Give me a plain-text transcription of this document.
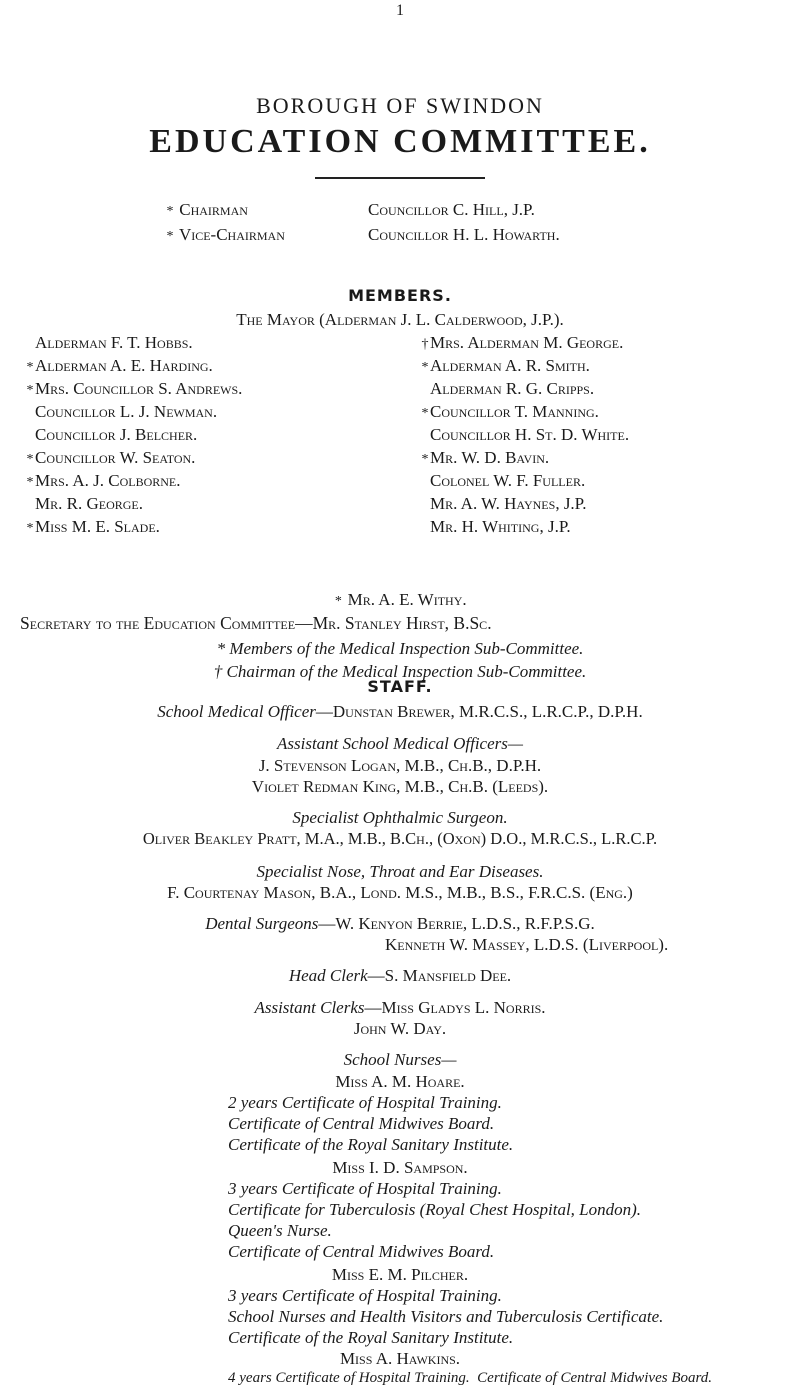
1
BOROUGH OF SWINDON
EDUCATION COMMITTEE.
* Chairman	Councillor C. Hill, J.P.
* Vice-Chairman	Councillor H. L. Howarth.
MEMBERS.
The Mayor (Alderman J. L. Calderwood, J.P.).
Alderman F. T. Hobbs.
*Alderman A. E. Harding.
*Mrs. Councillor S. Andrews.
Councillor L. J. Newman.
Councillor J. Belcher.
*Councillor W. Seaton.
*Mrs. A. J. Colborne.
Mr. R. George.
*Miss M. E. Slade.
†Mrs. Alderman M. George.
*Alderman A. R. Smith.
Alderman R. G. Cripps.
*Councillor T. Manning.
Councillor H. St. D. White.
*Mr. W. D. Bavin.
Colonel W. F. Fuller.
Mr. A. W. Haynes, J.P.
Mr. H. Whiting, J.P.
* Mr. A. E. Withy.
Secretary to the Education Committee—Mr. Stanley Hirst, B.Sc.
* Members of the Medical Inspection Sub-Committee.
† Chairman of the Medical Inspection Sub-Committee.
STAFF.
School Medical Officer—Dunstan Brewer, M.R.C.S., L.R.C.P., D.P.H.
Assistant School Medical Officers—
J. Stevenson Logan, M.B., Ch.B., D.P.H.
Violet Redman King, M.B., Ch.B. (Leeds).
Specialist Ophthalmic Surgeon.
Oliver Beakley Pratt, M.A., M.B., B.Ch., (Oxon) D.O., M.R.C.S., L.R.C.P.
Specialist Nose, Throat and Ear Diseases.
F. Courtenay Mason, B.A., Lond. M.S., M.B., B.S., F.R.C.S. (Eng.)
Dental Surgeons—W. Kenyon Berrie, L.D.S., R.F.P.S.G.
Kenneth W. Massey, L.D.S. (Liverpool).
Head Clerk—S. Mansfield Dee.
Assistant Clerks—Miss Gladys L. Norris.
John W. Day.
School Nurses—
Miss A. M. Hoare.
2 years Certificate of Hospital Training.
Certificate of Central Midwives Board.
Certificate of the Royal Sanitary Institute.
Miss I. D. Sampson.
3 years Certificate of Hospital Training.
Certificate for Tuberculosis (Royal Chest Hospital, London).
Queen's Nurse.
Certificate of Central Midwives Board.
Miss E. M. Pilcher.
3 years Certificate of Hospital Training.
School Nurses and Health Visitors and Tuberculosis Certificate.
Certificate of the Royal Sanitary Institute.
Miss A. Hawkins.
4 years Certificate of Hospital Training. Certificate of Central Midwives Board.
